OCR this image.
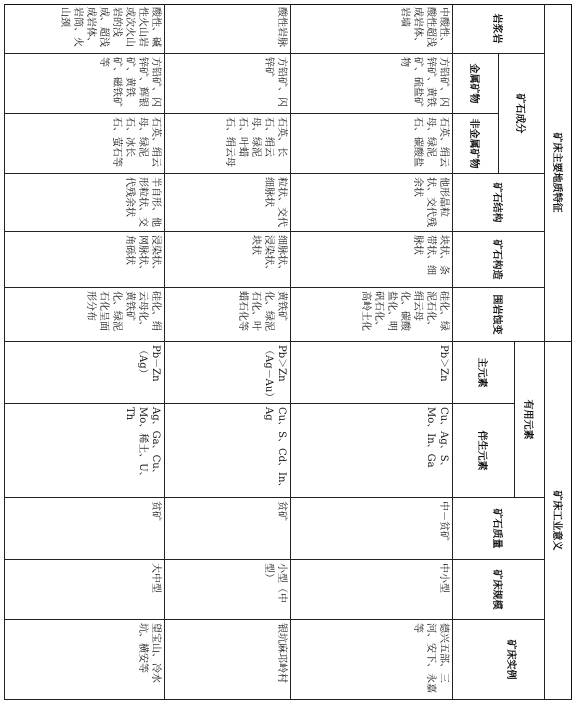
矿床主要地质特征
矿床工业意义
岩浆岩
矿石成分
金属矿物
非金属矿物
矿石结构
矿石构造
围岩蚀变
有用元素
主元素
伴生元素
矿石质量
矿床规模
矿床实例
中酸性、酸性超浅成岩体、岩墙
方铅矿、闪锌矿、黄铁矿、硫盐矿物
石英、绢云母、绿泥石、碳酸盐
他形晶粒状、交代残余状
块状、条带状、细脉状
硅化、绿泥石化、绢云母化、碳酸盐化、明矾石化、高岭土化
Pb＞Zn
Cu、Ag、S、Mo、In、Ga
中－贫矿
中小型
德兴五部、三河、安下、永嘉等
酸性岩脉
方铅矿、闪锌矿
石英、长石、绢云母、绿泥石、叶蜡石、绢云母
粒状、交代细脉状
细脉状、浸染状、块状
黄铁矿化、绿泥石化、叶蜡石化等
Pb＞Zn（Ag－Au）
Cu、S、Cd、In、Ag
贫矿
小型（中型）
银坑麻邛岭村
酸性、碱性火山岩或次火山岩的浅成、超浅成岩体、岩筒、火山颈
方铅矿、闪锌矿、辉银矿、黄铁矿、磁铁矿等
石英、绢云母、绿泥石、冰长石、萤石等
半自形、他形粒状、交代残余状
浸染状、网脉状、角砾状
硅化、绢云母化、黄铁矿化、绿泥石化呈面形分布
Pb－Zn（Ag）
Ag、Ga、Cu、Mo、稀土、U、Th
贫矿
大中型
望宝山、冷水坑、横安等
